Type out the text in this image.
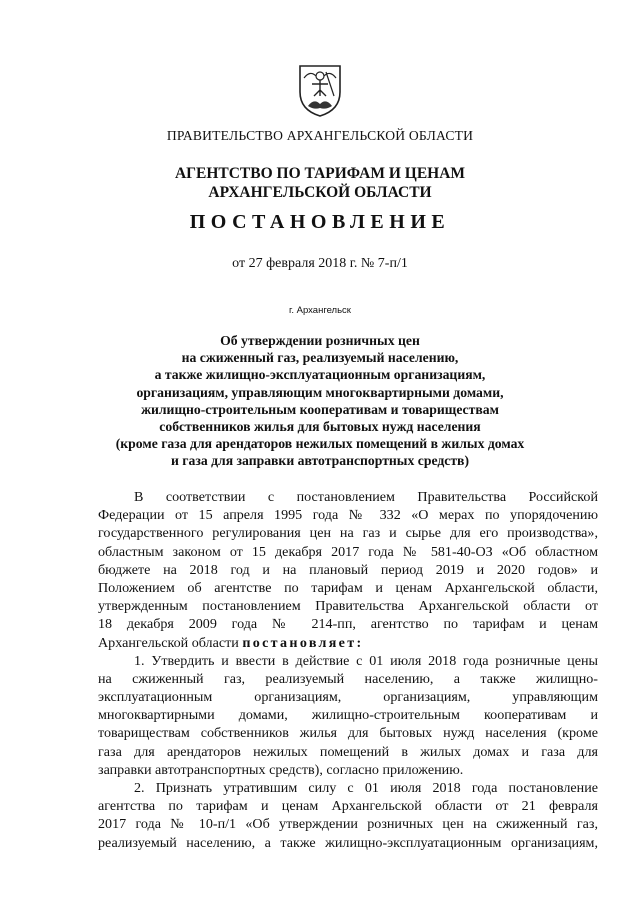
ПРАВИТЕЛЬСТВО АРХАНГЕЛЬСКОЙ ОБЛАСТИ
АГЕНТСТВО ПО ТАРИФАМ И ЦЕНАМ
АРХАНГЕЛЬСКОЙ ОБЛАСТИ
ПОСТАНОВЛЕНИЕ
от 27 февраля 2018 г. № 7-п/1
г. Архангельск
Об утверждении розничных цен
на сжиженный газ, реализуемый населению,
а также жилищно-эксплуатационным организациям,
организациям, управляющим многоквартирными домами,
жилищно-строительным кооперативам и товариществам
собственников жилья для бытовых нужд населения
(кроме газа для арендаторов нежилых помещений в жилых домах
и газа для заправки автотранспортных средств)
В соответствии с постановлением Правительства Российской
Федерации от 15 апреля 1995 года № 332 «О мерах по упорядочению
государственного регулирования цен на газ и сырье для его производства»,
областным законом от 15 декабря 2017 года № 581-40-ОЗ «Об областном
бюджете на 2018 год и на плановый период 2019 и 2020 годов» и
Положением об агентстве по тарифам и ценам Архангельской области,
утвержденным постановлением Правительства Архангельской области от
18 декабря 2009 года № 214-пп, агентство по тарифам и ценам
Архангельской области постановляет:
1. Утвердить и ввести в действие с 01 июля 2018 года розничные цены
на сжиженный газ, реализуемый населению, а также жилищно-
эксплуатационным организациям, организациям, управляющим
многоквартирными домами, жилищно-строительным кооперативам и
товариществам собственников жилья для бытовых нужд населения (кроме
газа для арендаторов нежилых помещений в жилых домах и газа для
заправки автотранспортных средств), согласно приложению.
2. Признать утратившим силу с 01 июля 2018 года постановление
агентства по тарифам и ценам Архангельской области от 21 февраля
2017 года № 10-п/1 «Об утверждении розничных цен на сжиженный газ,
реализуемый населению, а также жилищно-эксплуатационным организациям,
